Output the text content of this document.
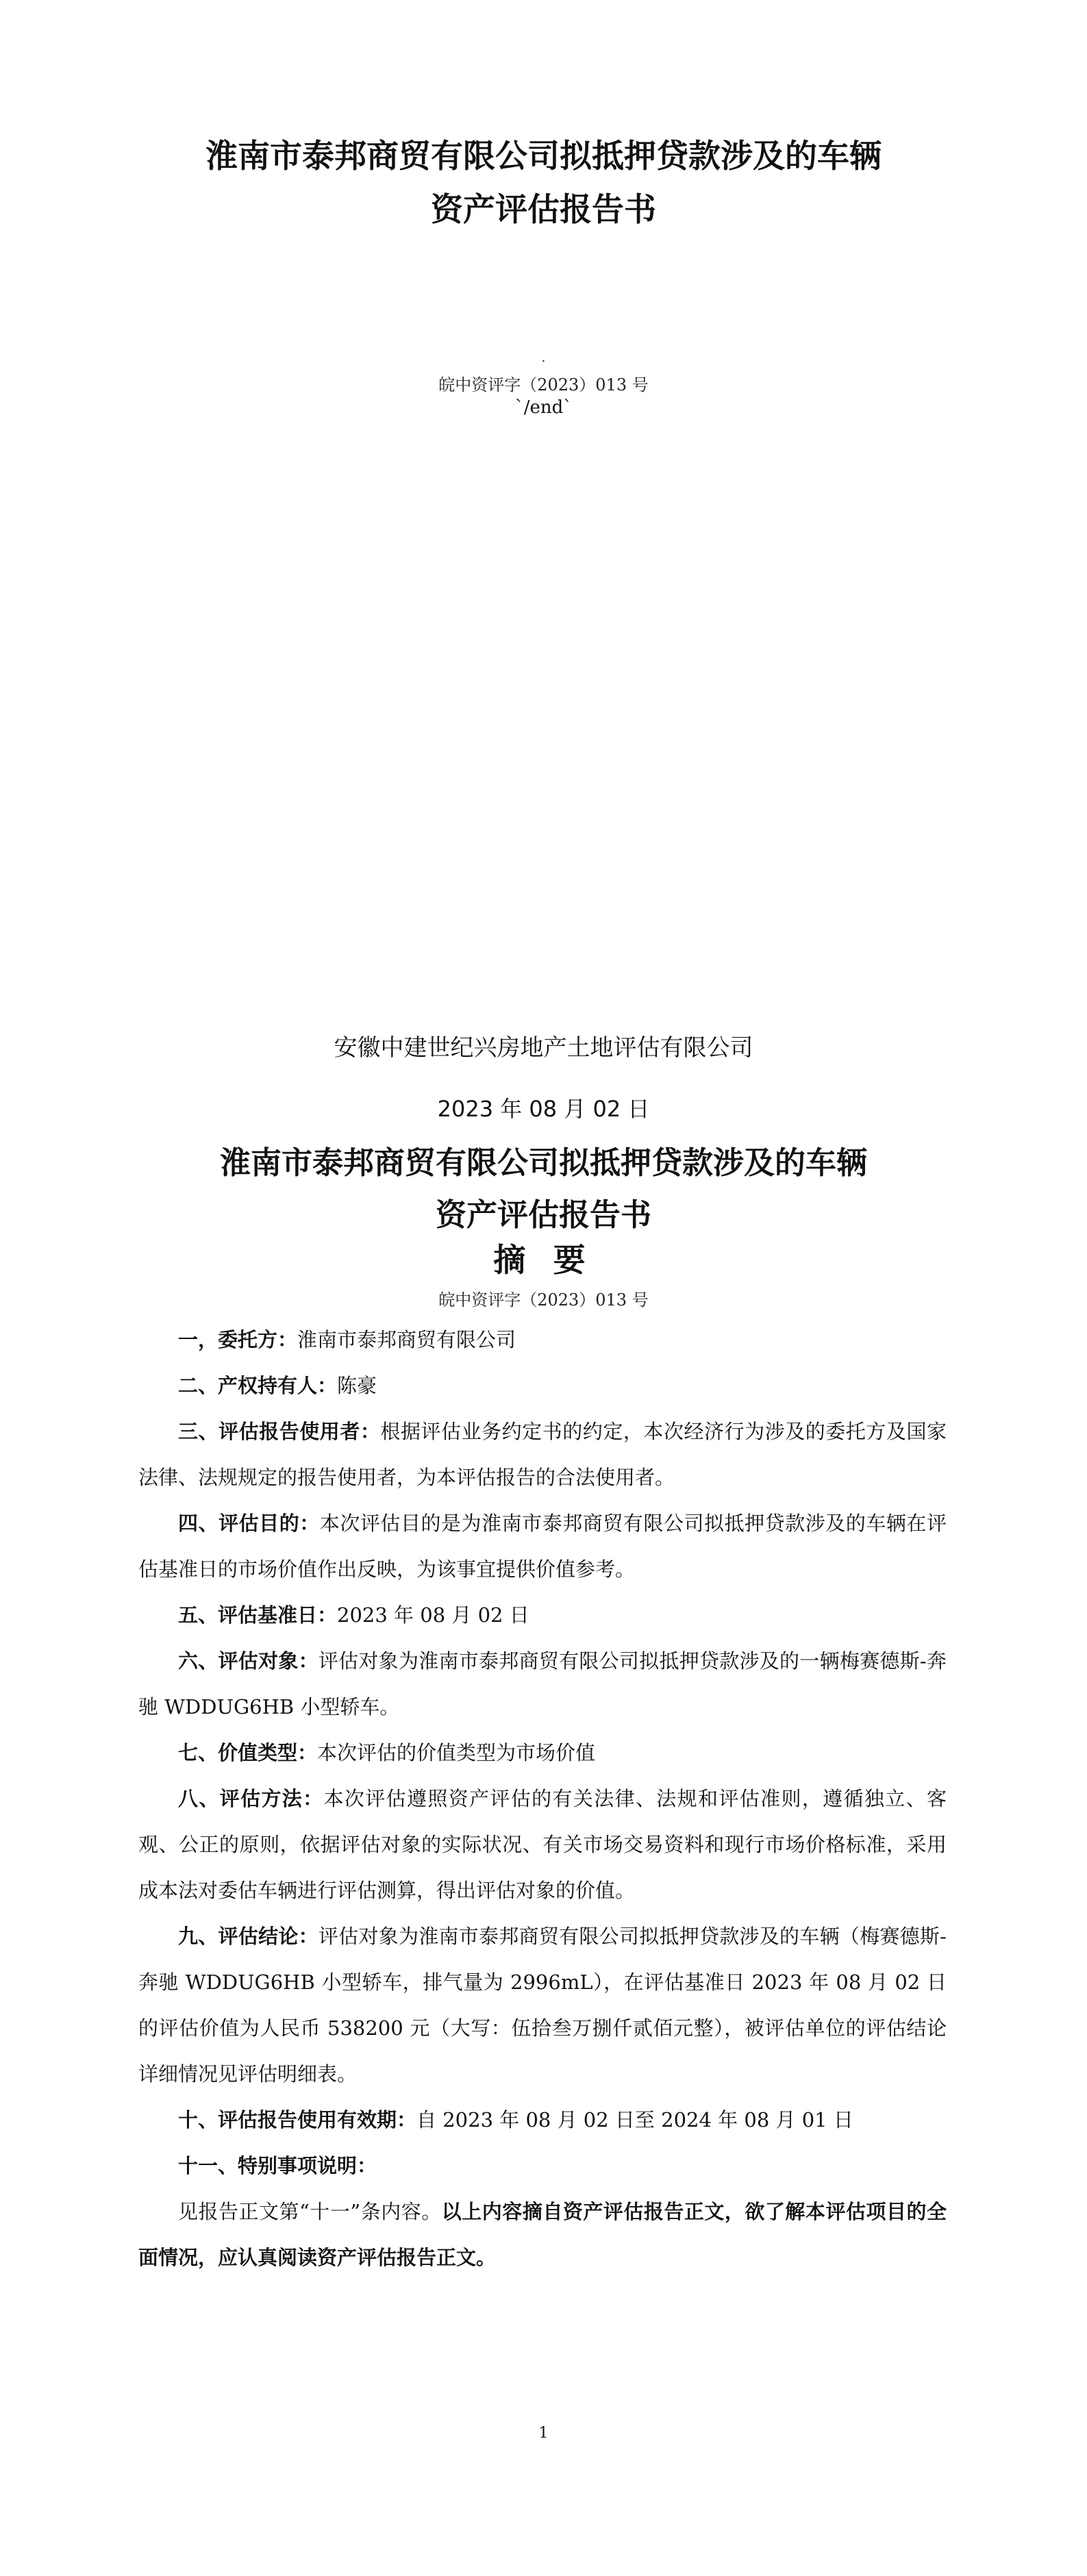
淮南市泰邦商贸有限公司拟抵押贷款涉及的车辆
资产评估报告书
.
皖中资评字（2023）013 号
`/end`
安徽中建世纪兴房地产土地评估有限公司
2023 年 08 月 02 日
淮南市泰邦商贸有限公司拟抵押贷款涉及的车辆
资产评估报告书
摘 要
皖中资评字（2023）013 号

一，委托方：淮南市泰邦商贸有限公司

二、产权持有人：陈豪

三、评估报告使用者：根据评估业务约定书的约定，本次经济行为涉及的委托方及国家法律、法规规定的报告使用者，为本评估报告的合法使用者。

四、评估目的：本次评估目的是为淮南市泰邦商贸有限公司拟抵押贷款涉及的车辆在评估基准日的市场价值作出反映，为该事宜提供价值参考。

五、评估基准日：2023 年 08 月 02 日

六、评估对象：评估对象为淮南市泰邦商贸有限公司拟抵押贷款涉及的一辆梅赛德斯-奔驰 WDDUG6HB 小型轿车。

七、价值类型：本次评估的价值类型为市场价值

八、评估方法：本次评估遵照资产评估的有关法律、法规和评估准则，遵循独立、客观、公正的原则，依据评估对象的实际状况、有关市场交易资料和现行市场价格标准，采用成本法对委估车辆进行评估测算，得出评估对象的价值。

九、评估结论：评估对象为淮南市泰邦商贸有限公司拟抵押贷款涉及的车辆（梅赛德斯-奔驰 WDDUG6HB 小型轿车，排气量为 2996mL），在评估基准日 2023 年 08 月 02 日的评估价值为人民币 538200 元（大写：伍拾叁万捌仟贰佰元整），被评估单位的评估结论详细情况见评估明细表。

十、评估报告使用有效期：自 2023 年 08 月 02 日至 2024 年 08 月 01 日

十一、特别事项说明：

见报告正文第“十一”条内容。以上内容摘自资产评估报告正文，欲了解本评估项目的全面情况，应认真阅读资产评估报告正文。

1
